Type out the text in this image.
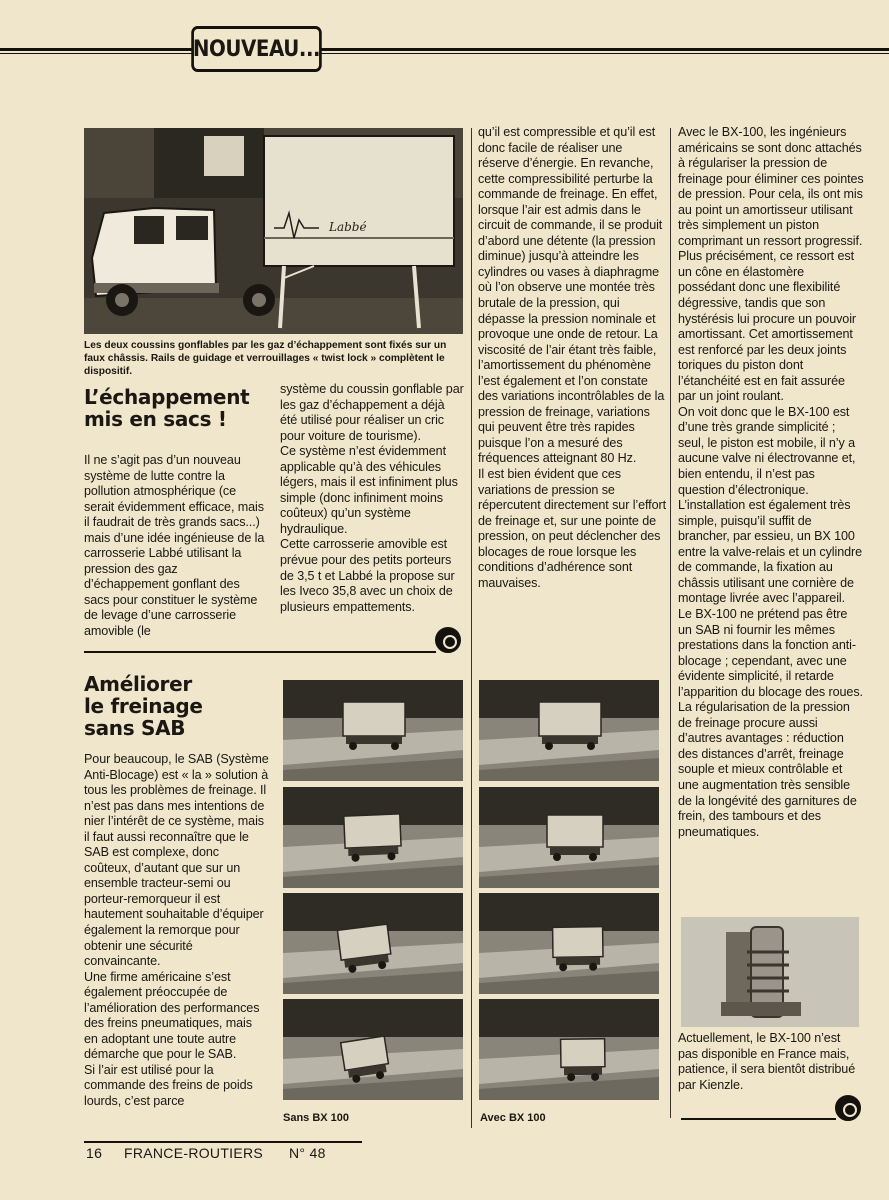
NOUVEAU...
Labbé
Les deux coussins gonflables par les gaz d’échappement sont fixés sur un faux châssis. Rails de guidage et verrouillages « twist lock » complètent le dispositif.
L’échappement
mis en sacs !

Il ne s’agit pas d’un nouveau système de lutte contre la pollution atmosphérique (ce serait évidemment efficace, mais il faudrait de très grands sacs...) mais d’une idée ingénieuse de la carrosserie Labbé utilisant la pression des gaz d’échappement gonflant des sacs pour constituer le système de levage d’une carrosserie amovible (le

système du coussin gonflable par les gaz d’échappement a déjà été utilisé pour réaliser un cric pour voiture de tourisme).

Ce système n’est évidemment applicable qu’à des véhicules légers, mais il est infiniment plus simple (donc infiniment moins coûteux) qu’un système hydraulique.

Cette carrosserie amovible est prévue pour des petits porteurs de 3,5 t et Labbé la propose sur les Iveco 35,8 avec un choix de plusieurs empattements.

Améliorer
le freinage
sans SAB

Pour beaucoup, le SAB (Système Anti-Blocage) est « la » solution à tous les problèmes de freinage. Il n’est pas dans mes intentions de nier l’intérêt de ce système, mais il faut aussi reconnaître que le SAB est complexe, donc coûteux, d’autant que sur un ensemble tracteur-semi ou porteur-remorqueur il est hautement souhaitable d’équiper également la remorque pour obtenir une sécurité convaincante.

Une firme américaine s’est également préoccupée de l’amélioration des performances des freins pneumatiques, mais en adoptant une toute autre démarche que pour le SAB.

Si l’air est utilisé pour la commande des freins de poids lourds, c’est parce

qu’il est compressible et qu’il est donc facile de réaliser une réserve d’énergie. En revanche, cette compressibilité perturbe la commande de freinage. En effet, lorsque l’air est admis dans le circuit de commande, il se produit d’abord une détente (la pression diminue) jusqu’à atteindre les cylindres ou vases à diaphragme où l’on observe une montée très brutale de la pression, qui dépasse la pression nominale et provoque une onde de retour. La viscosité de l’air étant très faible, l’amortissement du phénomène l’est également et l’on constate des variations incontrôlables de la pression de freinage, variations qui peuvent être très rapides puisque l’on a mesuré des fréquences atteignant 80 Hz.

Il est bien évident que ces variations de pression se répercutent directement sur l’effort de freinage et, sur une pointe de pression, on peut déclencher des blocages de roue lorsque les conditions d’adhérence sont mauvaises.

Avec le BX-100, les ingénieurs américains se sont donc attachés à régulariser la pression de freinage pour éliminer ces pointes de pression. Pour cela, ils ont mis au point un amortisseur utilisant très simplement un piston comprimant un ressort progressif. Plus précisément, ce ressort est un cône en élastomère possédant donc une flexibilité dégressive, tandis que son hystérésis lui procure un pouvoir amortissant. Cet amortissement est renforcé par les deux joints toriques du piston dont l’étanchéité est en fait assurée par un joint roulant.

On voit donc que le BX-100 est d’une très grande simplicité ; seul, le piston est mobile, il n’y a aucune valve ni électrovanne et, bien entendu, il n’est pas question d’électronique.

L’installation est également très simple, puisqu’il suffit de brancher, par essieu, un BX 100 entre la valve-relais et un cylindre de commande, la fixation au châssis utilisant une cornière de montage livrée avec l’appareil.

Le BX-100 ne prétend pas être un SAB ni fournir les mêmes prestations dans la fonction anti-blocage ; cependant, avec une évidente simplicité, il retarde l’apparition du blocage des roues. La régularisation de la pression de freinage procure aussi d’autres avantages : réduction des distances d’arrêt, freinage souple et mieux contrôlable et une augmentation très sensible de la longévité des garnitures de frein, des tambours et des pneumatiques.

Actuellement, le BX-100 n’est pas disponible en France mais, patience, il sera bientôt distribué par Kienzle.
Sans BX 100	Avec BX 100
16 FRANCE-ROUTIERS N° 48
